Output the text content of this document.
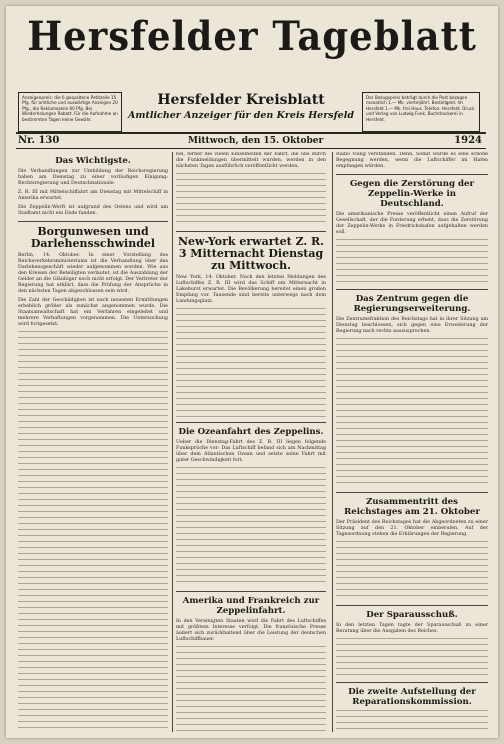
Hersfelder Tageblatt
Anzeigenpreis: die 6 gespaltene Petitzeile 15 Pfg. für amtliche und auswärtige Anzeigen 20 Pfg., die Reklamezeile 60 Pfg. Bei Wiederholungen Rabatt. Für die Aufnahme an bestimmten Tagen keine Gewähr.
Hersfelder Kreisblatt
Amtlicher Anzeiger für den Kreis Hersfeld
Der Bezugspreis beträgt durch die Post bezogen monatlich 1.— Mk. vierteljährl. Bestellgeld. Im Hersfeld 1.— Mk. frei Haus. Telefon: Hersfeld. Druck und Verlag von Ludwig Funk, Buchdruckerei in Hersfeld.
Nr. 130	Mittwoch, den 15. Oktober	1924
Das Wichtigste.

Die Verhandlungen zur Umbildung der Reichsregierung haben am Dienstag zu einer vorläufigen Einigung: Rechtsregierung und Deutschnationale.

Z. R. III mit Mittelschiffahrt am Dienstag mit Mittelschiff in Amerika erwartet.

Die Zeppelin-Werft ist aufgrund des Ostens und wird am Stadtamt nicht ein Ende fanden.

Borgunwesen und Darlehensschwindel

Berlin, 14. Oktober. In einer Vorstellung des Reichsverkehrsministeriums ist die Verhandlung über das Darlehensgeschäft wieder aufgenommen worden. Wie aus den Kreisen der Beteiligten verlautet, ist die Auszahlung der Gelder an die Gläubiger noch nicht erfolgt. Der Vertreter der Regierung hat erklärt, dass die Prüfung der Ansprüche in den nächsten Tagen abgeschlossen sein wird.

Die Zahl der Geschädigten ist nach neuesten Ermittlungen erheblich größer als zunächst angenommen wurde. Die Staatsanwaltschaft hat ein Verfahren eingeleitet und mehrere Verhaftungen vorgenommen. Die Untersuchung wird fortgesetzt.

bei, ferner die vielen Einzelheiten der Fahrt, die uns durch die Funkmeldungen übermittelt wurden, werden in den nächsten Tagen ausführlich veröffentlicht werden.

New-York erwartet Z. R. 3 Mitternacht Dienstag zu Mittwoch.

New York, 14. Oktober. Nach den letzten Meldungen des Luftschiffes Z. R. III wird das Schiff um Mitternacht in Lakehurst erwartet. Die Bevölkerung bereitet einen großen Empfang vor. Tausende sind bereits unterwegs nach dem Landungsplatz.

Die Ozeanfahrt des Zeppelins.

Ueber die Dienstag-Fahrt des Z. R. III liegen folgende Funksprüche vor: Das Luftschiff befand sich am Nachmittag über dem Atlantischen Ozean und setzte seine Fahrt mit guter Geschwindigkeit fort.

Amerika und Frankreich zur Zeppelinfahrt.

In den Vereinigten Staaten wird die Fahrt des Luftschiffes mit größtem Interesse verfolgt. Die französische Presse äußert sich zurückhaltend über die Leistung der deutschen Luftschiffbauer.

Radio völlig verstanden. Denn, Somit würde es eine schöne Begegnung werden, wenn die Luftschiffer im Hafen empfangen würden.

Gegen die Zerstörung der Zeppelin-Werke in Deutschland.

Die amerikanische Presse veröffentlicht einen Aufruf der Gesellschaft, der die Forderung erhebt, dass die Zerstörung der Zeppelin-Werke in Friedrichshafen aufgehalten werden soll.

Das Zentrum gegen die Regierungserweiterung.

Die Zentrumsfraktion des Reichstags hat in ihrer Sitzung am Dienstag beschlossen, sich gegen eine Erweiterung der Regierung nach rechts auszusprechen.

Zusammentritt des Reichstages am 21. Oktober

Der Präsident des Reichstages hat die Abgeordneten zu einer Sitzung auf den 21. Oktober einberufen. Auf der Tagesordnung stehen die Erklärungen der Regierung.

Der Sparausschuß.

In den letzten Tagen tagte der Sparausschuß zu einer Beratung über die Ausgaben des Reiches.

Die zweite Aufstellung der Reparationskommission.
